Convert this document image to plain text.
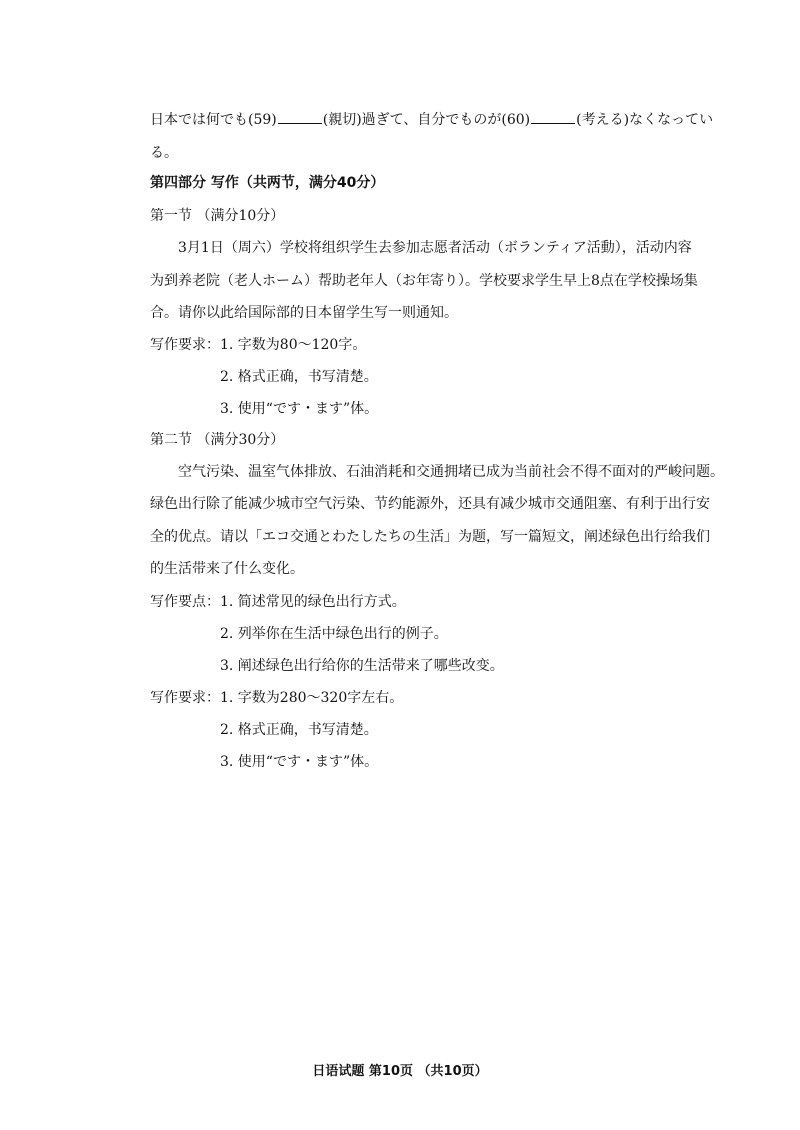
日本では何でも(59)	(親切)過ぎて、自分でものが(60)	(考える)なくなってい
る。
第四部分 写作（共两节，满分40分）
第一节 （满分10分）
3月1日（周六）学校将组织学生去参加志愿者活动（ボランティア活動），活动内容
为到养老院（老人ホーム）帮助老年人（お年寄り）。学校要求学生早上8点在学校操场集
合。请你以此给国际部的日本留学生写一则通知。
写作要求： 1. 字数为80～120字。
2. 格式正确，书写清楚。
3. 使用“です・ます”体。
第二节 （满分30分）
空气污染、温室气体排放、石油消耗和交通拥堵已成为当前社会不得不面对的严峻问题。
绿色出行除了能减少城市空气污染、节约能源外，还具有减少城市交通阻塞、有利于出行安
全的优点。请以「エコ交通とわたしたちの生活」为题，写一篇短文，阐述绿色出行给我们
的生活带来了什么变化。
写作要点： 1. 简述常见的绿色出行方式。
2. 列举你在生活中绿色出行的例子。
3. 阐述绿色出行给你的生活带来了哪些改变。
写作要求： 1. 字数为280～320字左右。
2. 格式正确，书写清楚。
3. 使用“です・ます”体。
日语试题 第10页 （共10页）
